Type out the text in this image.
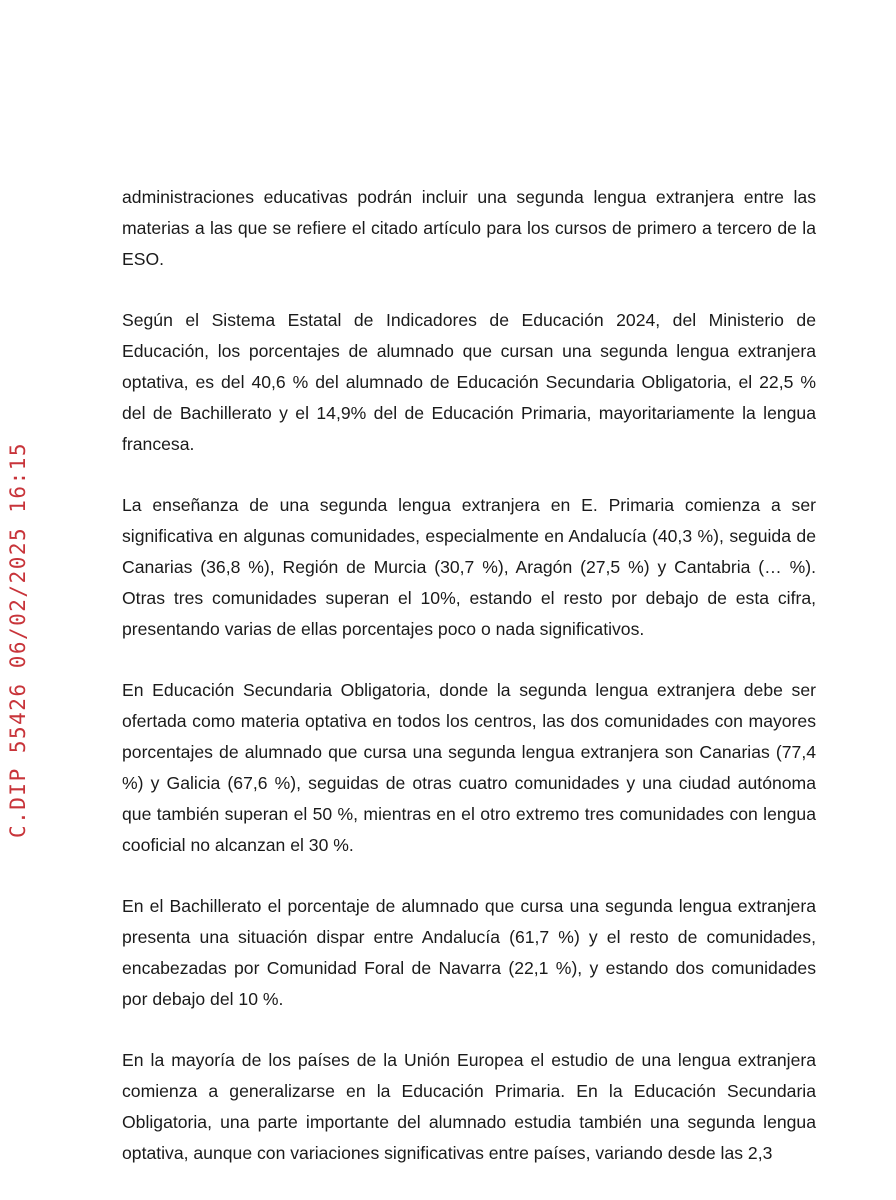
C.DIP 55426 06/02/2025 16:15

administraciones educativas podrán incluir una segunda lengua extranjera entre las materias a las que se refiere el citado artículo para los cursos de primero a tercero de la ESO.

Según el Sistema Estatal de Indicadores de Educación 2024, del Ministerio de Educación, los porcentajes de alumnado que cursan una segunda lengua extranjera optativa, es del 40,6 % del alumnado de Educación Secundaria Obligatoria, el 22,5 % del de Bachillerato y el 14,9% del de Educación Primaria, mayoritariamente la lengua francesa.

La enseñanza de una segunda lengua extranjera en E. Primaria comienza a ser significativa en algunas comunidades, especialmente en Andalucía (40,3 %), seguida de Canarias (36,8 %), Región de Murcia (30,7 %), Aragón (27,5 %) y Cantabria (… %). Otras tres comunidades superan el 10%, estando el resto por debajo de esta cifra, presentando varias de ellas porcentajes poco o nada significativos.

En Educación Secundaria Obligatoria, donde la segunda lengua extranjera debe ser ofertada como materia optativa en todos los centros, las dos comunidades con mayores porcentajes de alumnado que cursa una segunda lengua extranjera son Canarias (77,4 %) y Galicia (67,6 %), seguidas de otras cuatro comunidades y una ciudad autónoma que también superan el 50 %, mientras en el otro extremo tres comunidades con lengua cooficial no alcanzan el 30 %.

En el Bachillerato el porcentaje de alumnado que cursa una segunda lengua extranjera presenta una situación dispar entre Andalucía (61,7 %) y el resto de comunidades, encabezadas por Comunidad Foral de Navarra (22,1 %), y estando dos comunidades por debajo del 10 %.

En la mayoría de los países de la Unión Europea el estudio de una lengua extranjera comienza a generalizarse en la Educación Primaria. En la Educación Secundaria Obligatoria, una parte importante del alumnado estudia también una segunda lengua optativa, aunque con variaciones significativas entre países, variando desde las 2,3
